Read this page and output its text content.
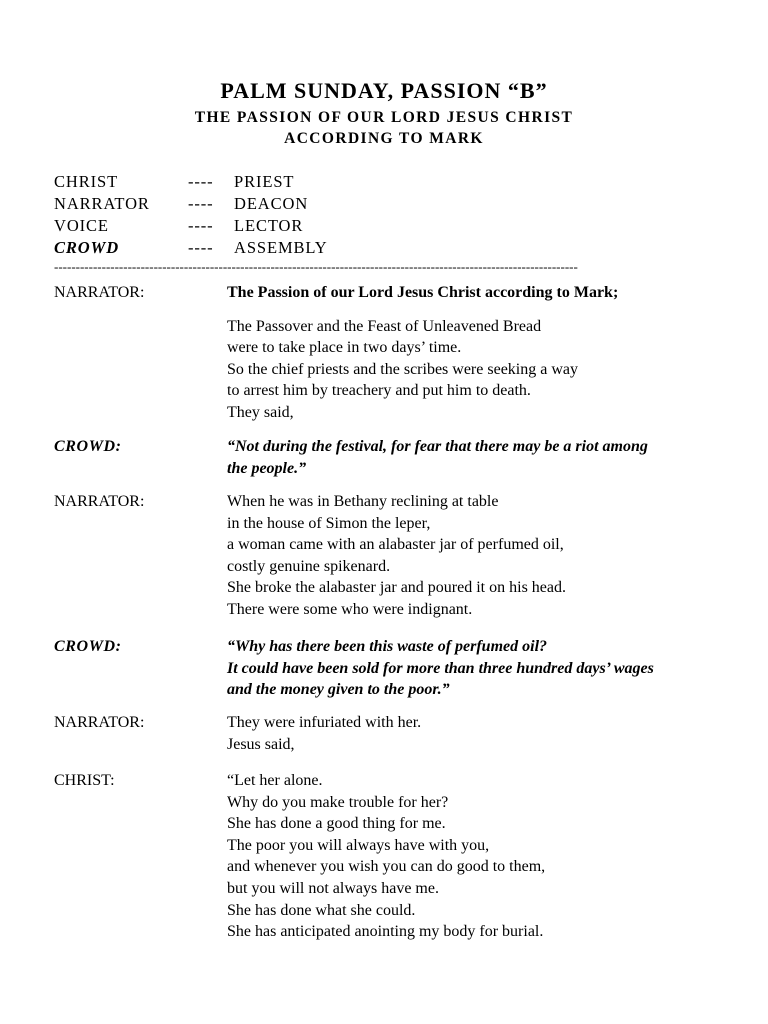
PALM SUNDAY, PASSION “B”
THE PASSION OF OUR LORD JESUS CHRIST
ACCORDING TO MARK
CHRIST	---- PRIEST
NARRATOR ---- DEACON
VOICE	---- LECTOR
CROWD	---- ASSEMBLY
-------------------------------------------------------------------------------------------------------------------------
NARRATOR:	The Passion of our Lord Jesus Christ according to Mark;
The Passover and the Feast of Unleavened Bread
were to take place in two days’ time.
So the chief priests and the scribes were seeking a way
to arrest him by treachery and put him to death.
They said,
CROWD:	“Not during the festival, for fear that there may be a riot among
the people.”
NARRATOR:	When he was in Bethany reclining at table
in the house of Simon the leper,
a woman came with an alabaster jar of perfumed oil,
costly genuine spikenard.
She broke the alabaster jar and poured it on his head.
There were some who were indignant.
CROWD:	“Why has there been this waste of perfumed oil?
It could have been sold for more than three hundred days’ wages
and the money given to the poor.”
NARRATOR:	They were infuriated with her.
Jesus said,
CHRIST:	“Let her alone.
Why do you make trouble for her?
She has done a good thing for me.
The poor you will always have with you,
and whenever you wish you can do good to them,
but you will not always have me.
She has done what she could.
She has anticipated anointing my body for burial.
